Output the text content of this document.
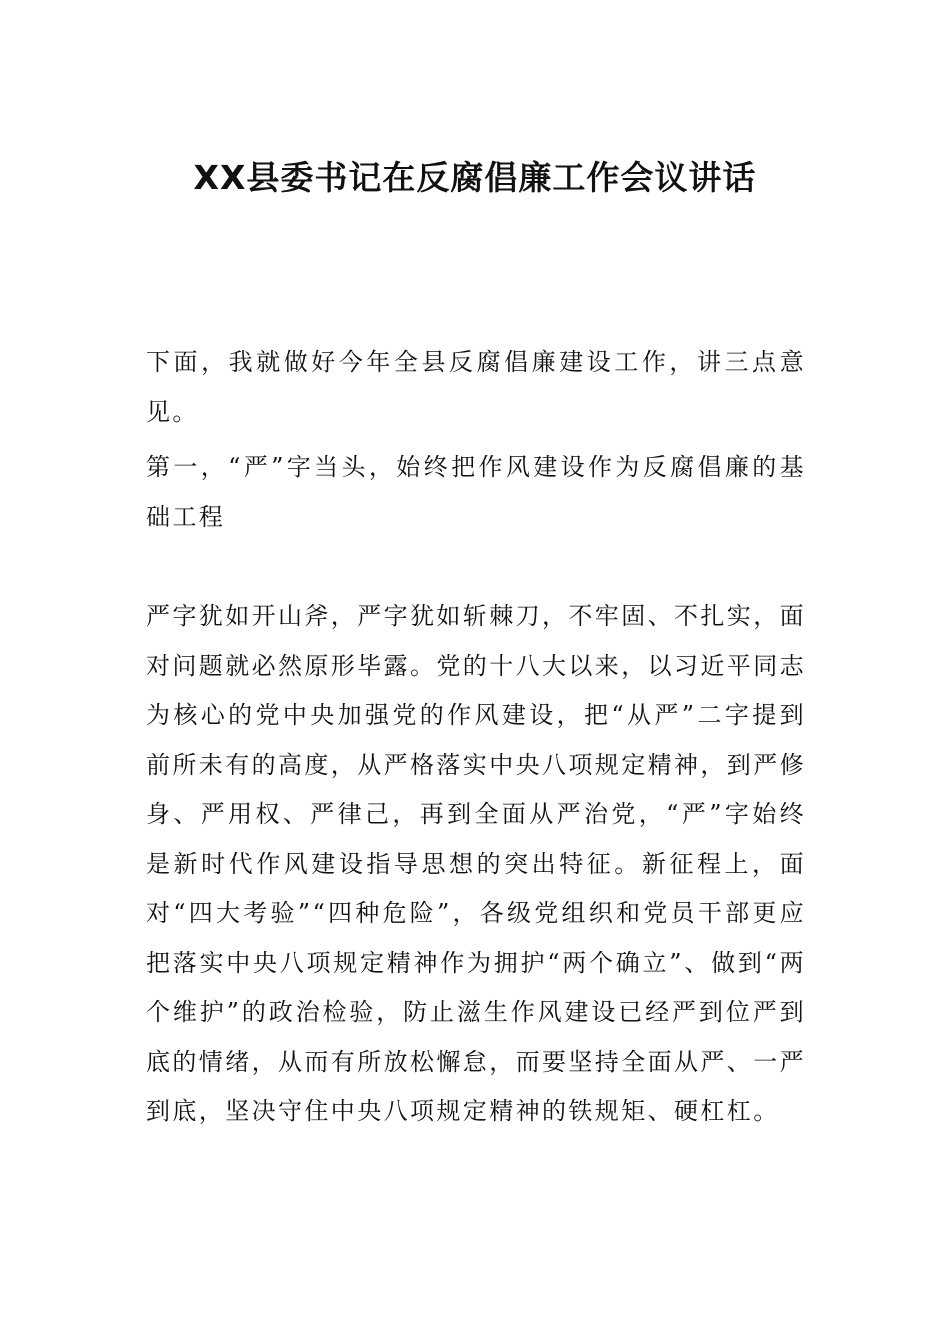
XX县委书记在反腐倡廉工作会议讲话

下面，我就做好今年全县反腐倡廉建设工作，讲三点意见。

第一，“严”字当头，始终把作风建设作为反腐倡廉的基础工程

严字犹如开山斧，严字犹如斩棘刀，不牢固、不扎实，面对问题就必然原形毕露。党的十八大以来，以习近平同志为核心的党中央加强党的作风建设，把“从严”二字提到前所未有的高度，从严格落实中央八项规定精神，到严修身、严用权、严律己，再到全面从严治党，“严”字始终是新时代作风建设指导思想的突出特征。新征程上，面对“四大考验”“四种危险”，各级党组织和党员干部更应把落实中央八项规定精神作为拥护“两个确立”、做到“两个维护”的政治检验，防止滋生作风建设已经严到位严到底的情绪，从而有所放松懈怠，而要坚持全面从严、一严到底，坚决守住中央八项规定精神的铁规矩、硬杠杠。
